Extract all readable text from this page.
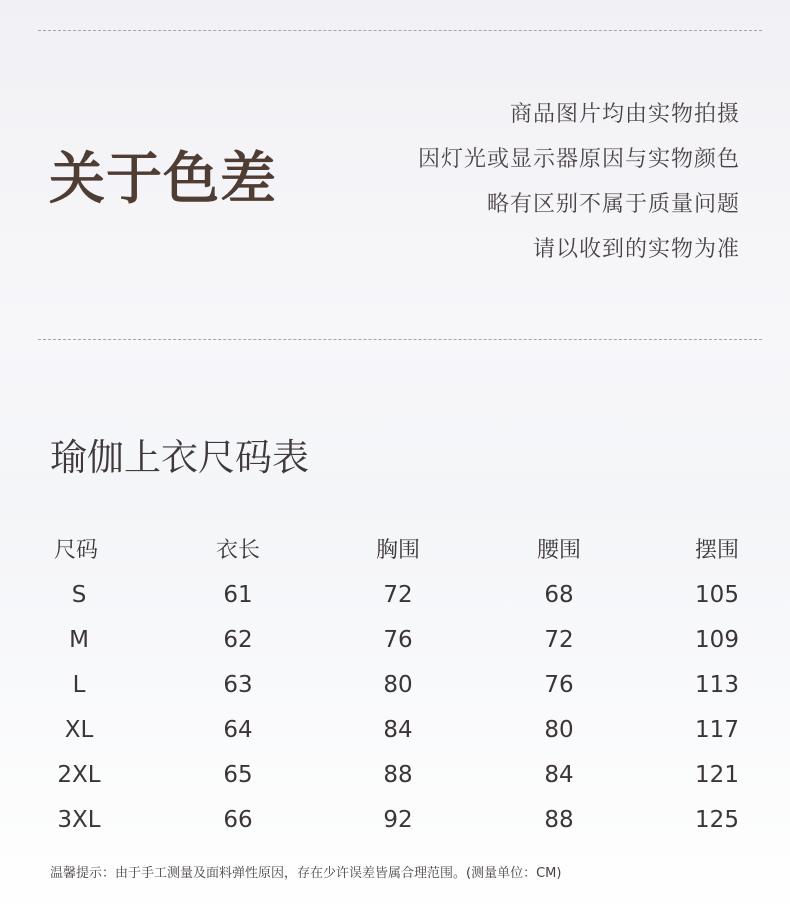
关于色差
商品图片均由实物拍摄
因灯光或显示器原因与实物颜色
略有区别不属于质量问题
请以收到的实物为准
瑜伽上衣尺码表
尺码	衣长	胸围	腰围	摆围
S	61	72	68	105
M	62	76	72	109
L	63	80	76	113
XL	64	84	80	117
2XL	65	88	84	121
3XL	66	92	88	125
温馨提示：由于手工测量及面料弹性原因，存在少许误差皆属合理范围。(测量单位：CM)
